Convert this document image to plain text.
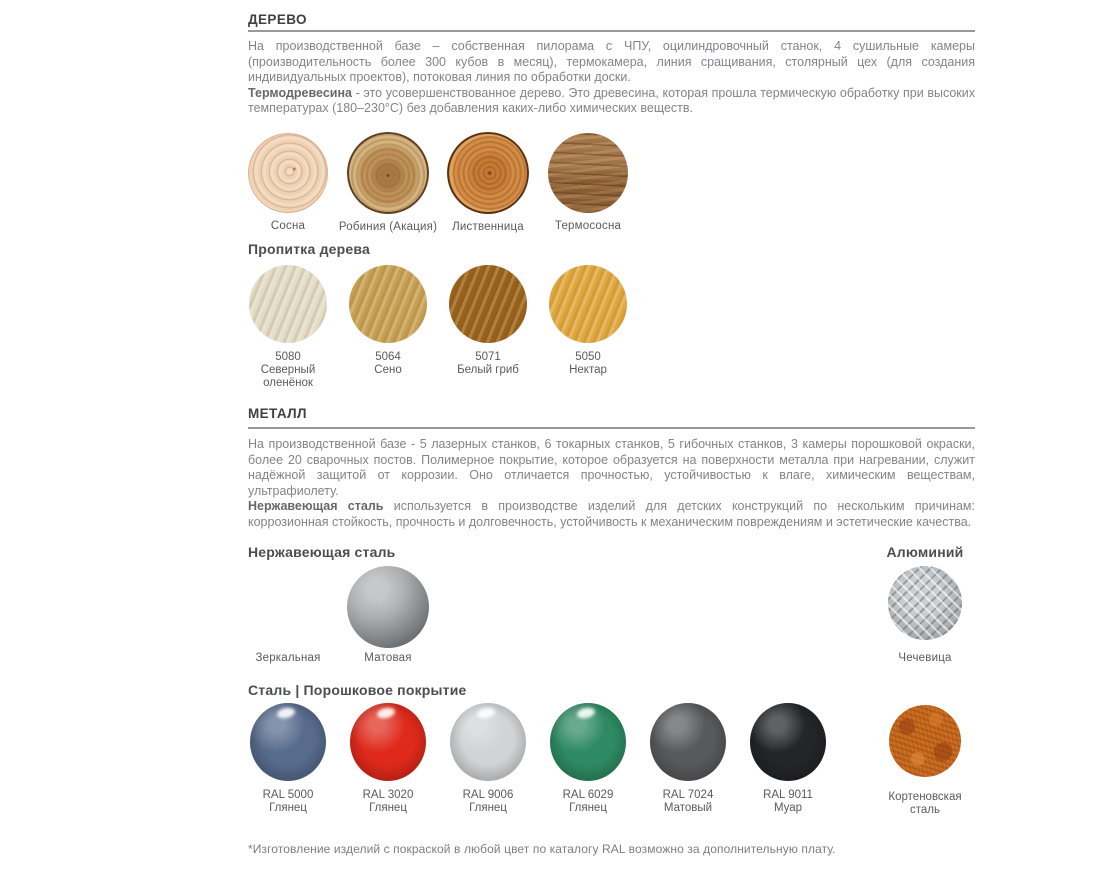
ДЕРЕВО

На производственной базе – собственная пилорама с ЧПУ, оцилиндровочный станок, 4 сушильные камеры (производительность более 300 кубов в месяц), термокамера, линия сращивания, столярный цех (для создания индивидуальных проектов), потоковая линия по обработки доски.

Термодревесина - это усовершенствованное дерево. Это древесина, которая прошла термическую обработку при высоких температурах (180–230°С) без добавления каких-либо химических веществ.

Сосна	Робиния (Акация) Лиственница	Термососна
Пропитка дерева
5080
Северный оленёнок
5064
Сено
5071
Белый гриб
5050
Нектар
МЕТАЛЛ

На производственной базе - 5 лазерных станков, 6 токарных станков, 5 гибочных станков, 3 камеры порошковой окраски, более 20 сварочных постов. Полимерное покрытие, которое образуется на поверхности металла при нагревании, служит надёжной защитой от коррозии. Оно отличается прочностью, устойчивостью к влаге, химическим веществам, ультрафиолету.

Нержавеющая сталь используется в производстве изделий для детских конструкций по нескольким причинам: коррозионная стойкость, прочность и долговечность, устойчивость к механическим повреждениям и эстетические качества.

Нержавеющая сталь	Алюминий
Зеркальная	Матовая	Чечевица
Сталь | Порошковое покрытие
RAL 5000
Глянец
RAL 3020
Глянец
RAL 9006
Глянец
RAL 6029
Глянец
RAL 7024
Матовый
RAL 9011
Муар
Кортеновская сталь
*Изготовление изделий с покраской в любой цвет по каталогу RAL возможно за дополнительную плату.
